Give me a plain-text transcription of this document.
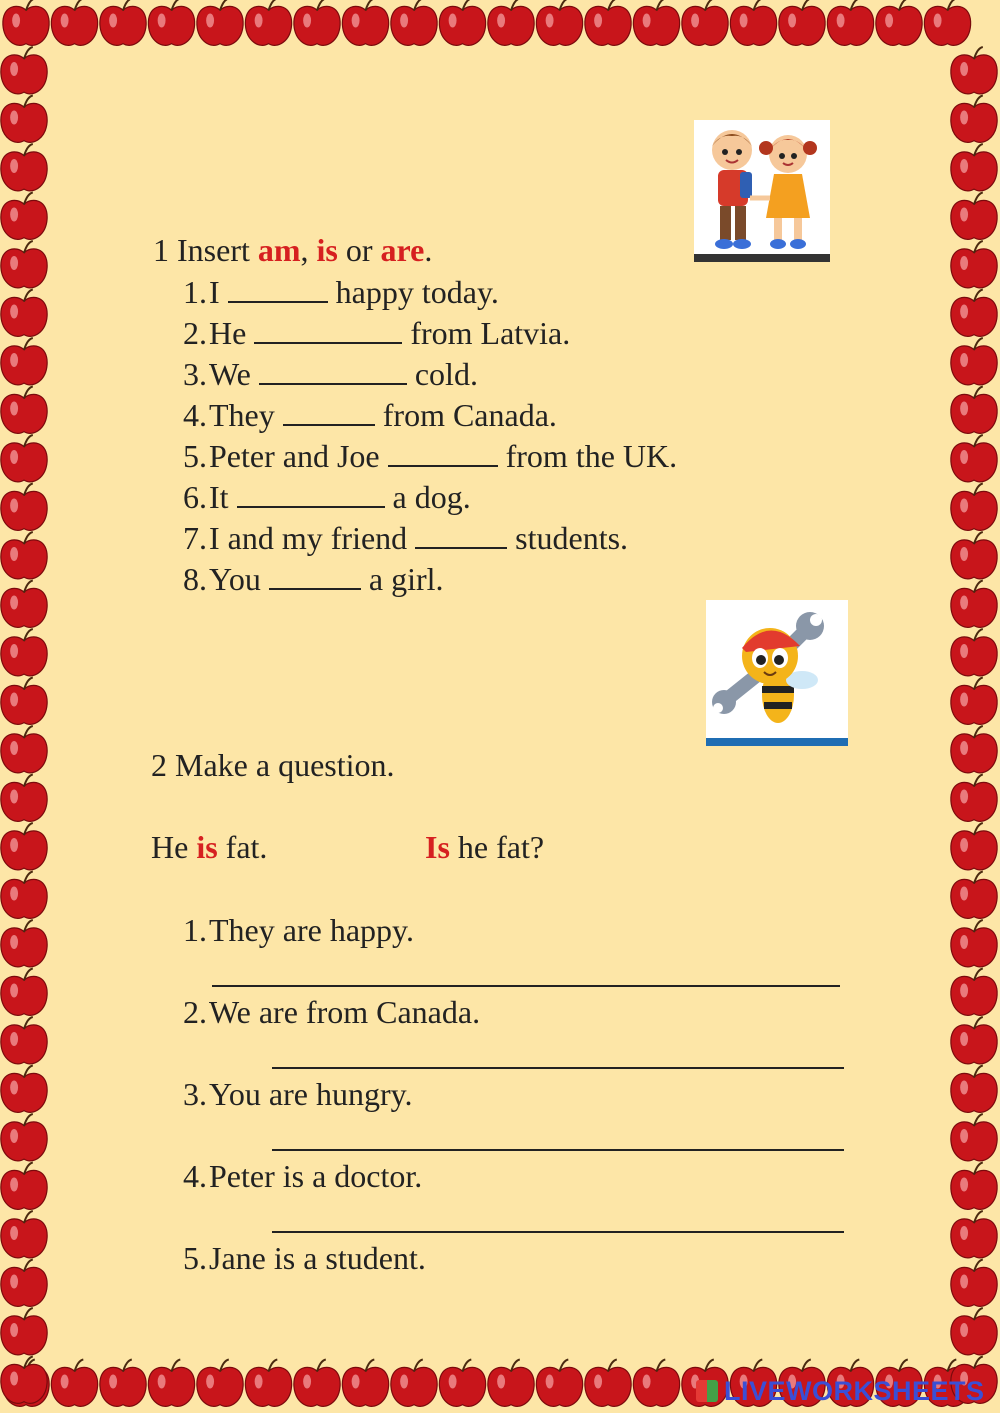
1 Insert am, is or are.
1.I	happy today.
2.He	from Latvia.
3.We	cold.
4.They	from Canada.
5.Peter and Joe	from the UK.
6.It	a dog.
7.I and my friend	students.
8.You	a girl.
2 Make a question.
He is fat.	Is he fat?
1.They are happy.
2.We are from Canada.
3.You are hungry.
4.Peter is a doctor.
5.Jane is a student.
LIVEWORKSHEETS
